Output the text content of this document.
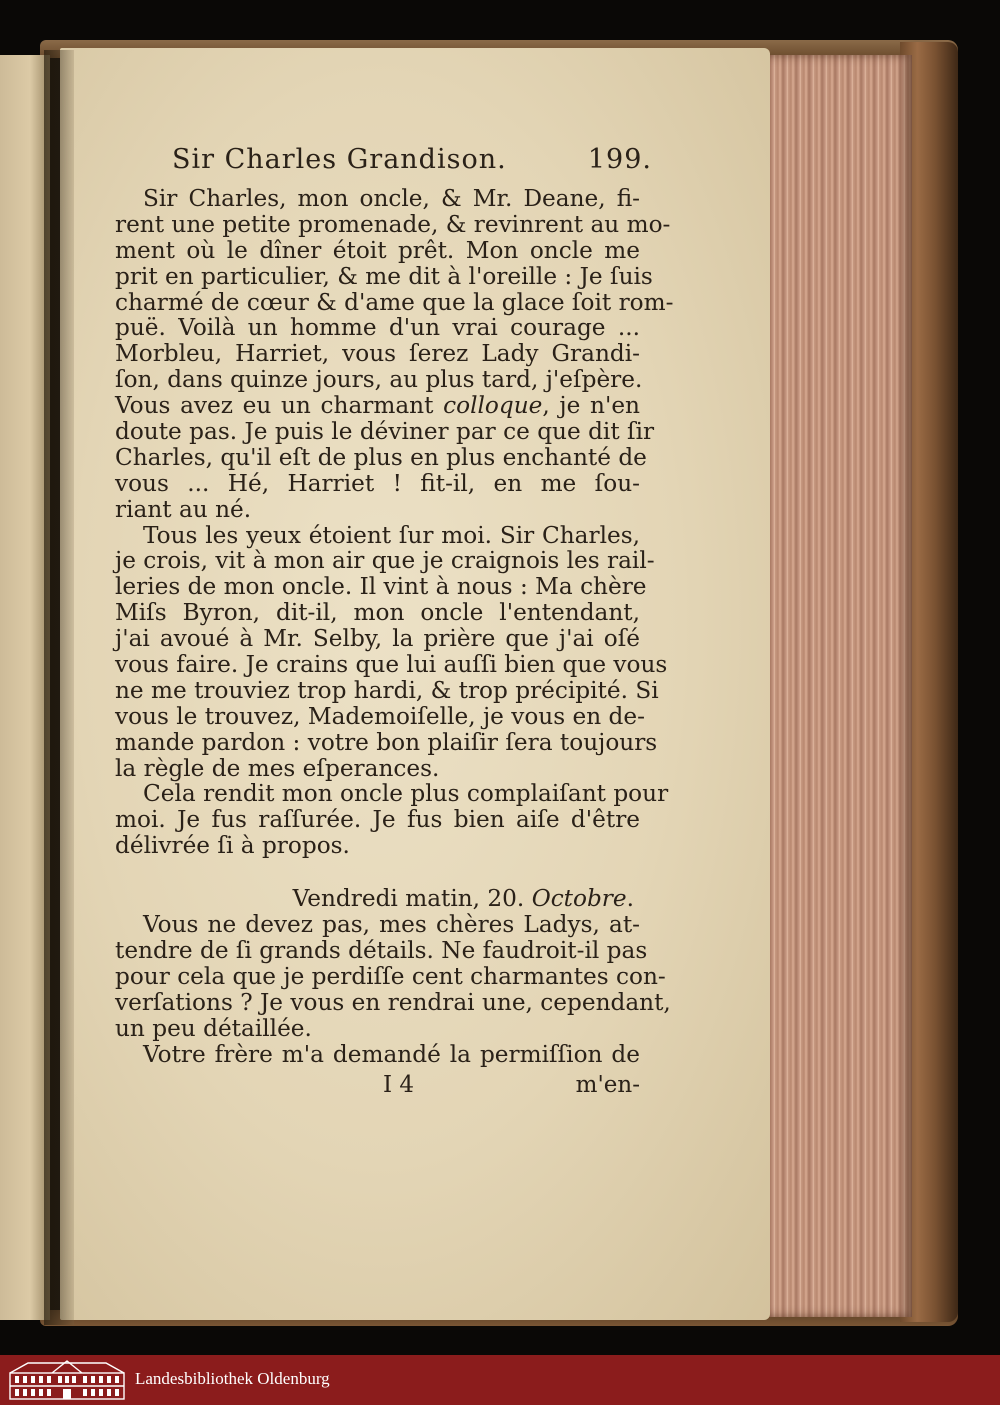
Sir Charles Grandison.	199.
Sir Charles, mon oncle, & Mr. Deane, fi-
rent une petite promenade, & revinrent au mo-
ment où le dîner étoit prêt. Mon oncle me
prit en particulier, & me dit à l'oreille : Je ſuis
charmé de cœur & d'ame que la glace ſoit rom-
puë. Voilà un homme d'un vrai courage ...
Morbleu, Harriet, vous ſerez Lady Grandi-
ſon, dans quinze jours, au plus tard, j'eſpère.
Vous avez eu un charmant colloque, je n'en
doute pas. Je puis le déviner par ce que dit ſir
Charles, qu'il eſt de plus en plus enchanté de
vous ... Hé, Harriet ! fit-il, en me ſou-
riant au né.
Tous les yeux étoient ſur moi. Sir Charles,
je crois, vit à mon air que je craignois les rail-
leries de mon oncle. Il vint à nous : Ma chère
Miſs Byron, dit-il, mon oncle l'entendant,
j'ai avoué à Mr. Selby, la prière que j'ai oſé
vous faire. Je crains que lui auſſi bien que vous
ne me trouviez trop hardi, & trop précipité. Si
vous le trouvez, Mademoiſelle, je vous en de-
mande pardon : votre bon plaiſir ſera toujours
la règle de mes eſperances.
Cela rendit mon oncle plus complaiſant pour
moi. Je fus raſſurée. Je fus bien aiſe d'être
délivrée ſi à propos.
Vendredi matin, 20. Octobre.
Vous ne devez pas, mes chères Ladys, at-
tendre de ſi grands détails. Ne faudroit-il pas
pour cela que je perdiſſe cent charmantes con-
verſations ? Je vous en rendrai une, cependant,
un peu détaillée.
Votre frère m'a demandé la permiſſion de
I 4	m'en-
Landesbibliothek Oldenburg
